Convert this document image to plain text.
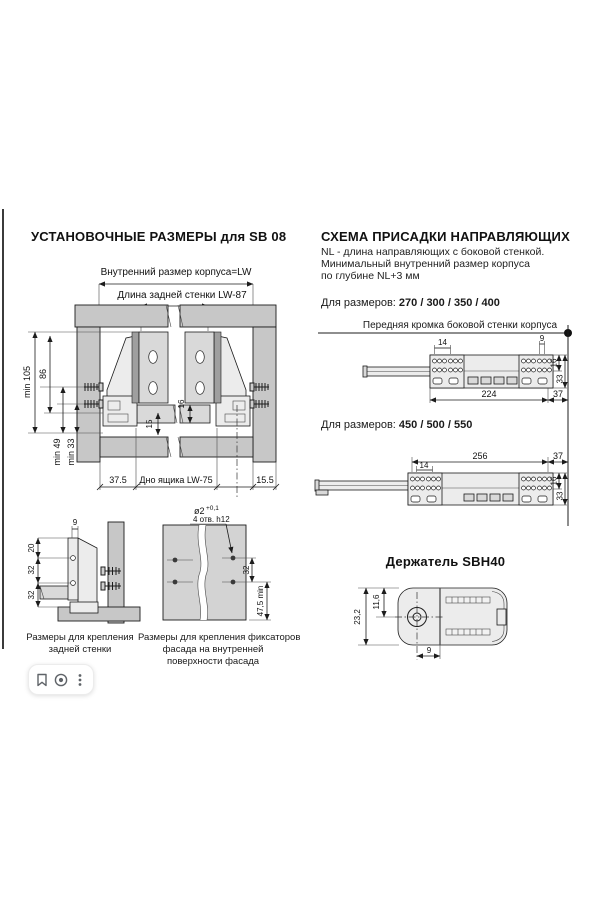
УСТАНОВОЧНЫЕ РАЗМЕРЫ для SB 08	СХЕМА ПРИСАДКИ НАПРАВЛЯЮЩИХ
NL - длина направляющих с боковой стенкой.
Минимальный внутренний размер корпуса
по глубине NL+3 мм
Для размеров: 270 / 300 / 350 / 400
Передняя кромка боковой стенки корпуса
Для размеров: 450 / 500 / 550
Держатель SBH40
Размеры для крепления
задней стенки
Размеры для крепления фиксаторов
фасада на внутренней
поверхности фасада
Внутренний размер корпуса=LW
Длина задней стенки LW-87
min 105 86
min 49 min 33
15
16
37.5 Дно ящика LW-75	15.5
20
32
32
9
ø2 +0,1
4 отв. h12
32
47,5 min
14	9
16
33
224	37
256	37
14
16
33
23,2
11,6
9
